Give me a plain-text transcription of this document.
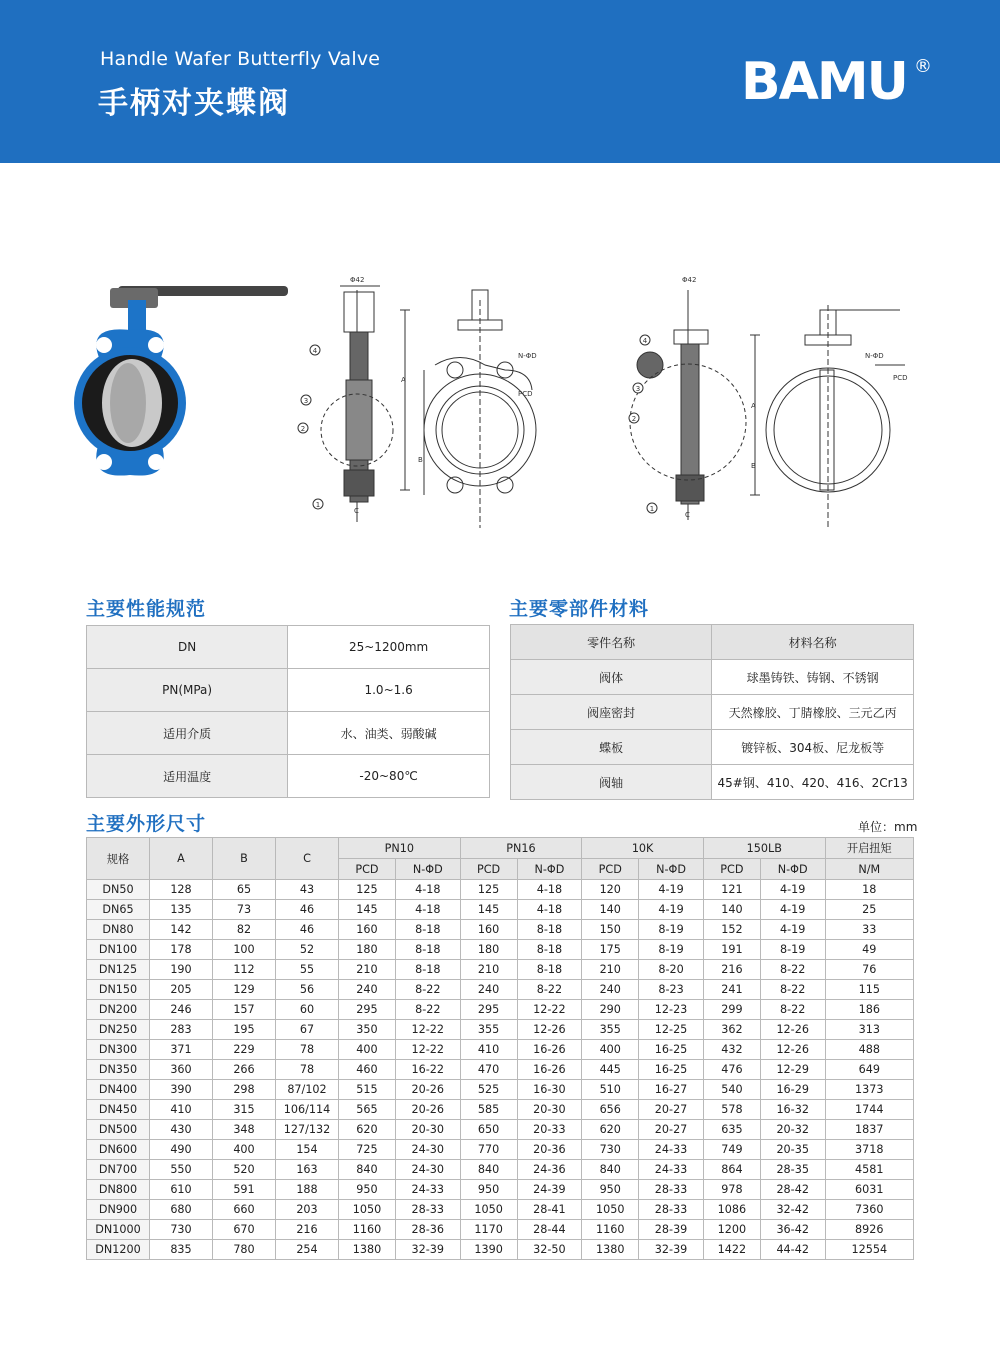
Handle Wafer Butterfly Valve
手柄对夹蝶阀	BAMU ®
Φ42
A
B
C
N-ΦD
PCD
4
3
2
1
Φ42
A
B
C
N-ΦD
PCD
4
3
2
1
主要性能规范
DN	25~1200mm
PN(MPa)	1.0~1.6
适用介质	水、油类、弱酸碱
适用温度	-20~80℃
主要零部件材料
零件名称	材料名称
阀体	球墨铸铁、铸钢、不锈钢
阀座密封	天然橡胶、丁腈橡胶、三元乙丙
蝶板	镀锌板、304板、尼龙板等
阀轴	45#钢、410、420、416、2Cr13
主要外形尺寸	单位：mm
规格	A	B	C	PN10		PN16		10K		150LB		开启扭矩
				PCD	N-ΦD	PCD	N-ΦD	PCD	N-ΦD	PCD	N-ΦD	N/M
DN50	128	65	43	125	4-18	125	4-18	120	4-19	121	4-19	18
DN65	135	73	46	145	4-18	145	4-18	140	4-19	140	4-19	25
DN80	142	82	46	160	8-18	160	8-18	150	8-19	152	4-19	33
DN100	178	100	52	180	8-18	180	8-18	175	8-19	191	8-19	49
DN125	190	112	55	210	8-18	210	8-18	210	8-20	216	8-22	76
DN150	205	129	56	240	8-22	240	8-22	240	8-23	241	8-22	115
DN200	246	157	60	295	8-22	295	12-22	290	12-23	299	8-22	186
DN250	283	195	67	350	12-22	355	12-26	355	12-25	362	12-26	313
DN300	371	229	78	400	12-22	410	16-26	400	16-25	432	12-26	488
DN350	360	266	78	460	16-22	470	16-26	445	16-25	476	12-29	649
DN400	390	298	87/102	515	20-26	525	16-30	510	16-27	540	16-29	1373
DN450	410	315	106/114	565	20-26	585	20-30	656	20-27	578	16-32	1744
DN500	430	348	127/132	620	20-30	650	20-33	620	20-27	635	20-32	1837
DN600	490	400	154	725	24-30	770	20-36	730	24-33	749	20-35	3718
DN700	550	520	163	840	24-30	840	24-36	840	24-33	864	28-35	4581
DN800	610	591	188	950	24-33	950	24-39	950	28-33	978	28-42	6031
DN900	680	660	203	1050	28-33	1050	28-41	1050	28-33	1086	32-42	7360
DN1000	730	670	216	1160	28-36	1170	28-44	1160	28-39	1200	36-42	8926
DN1200	835	780	254	1380	32-39	1390	32-50	1380	32-39	1422	44-42	12554
